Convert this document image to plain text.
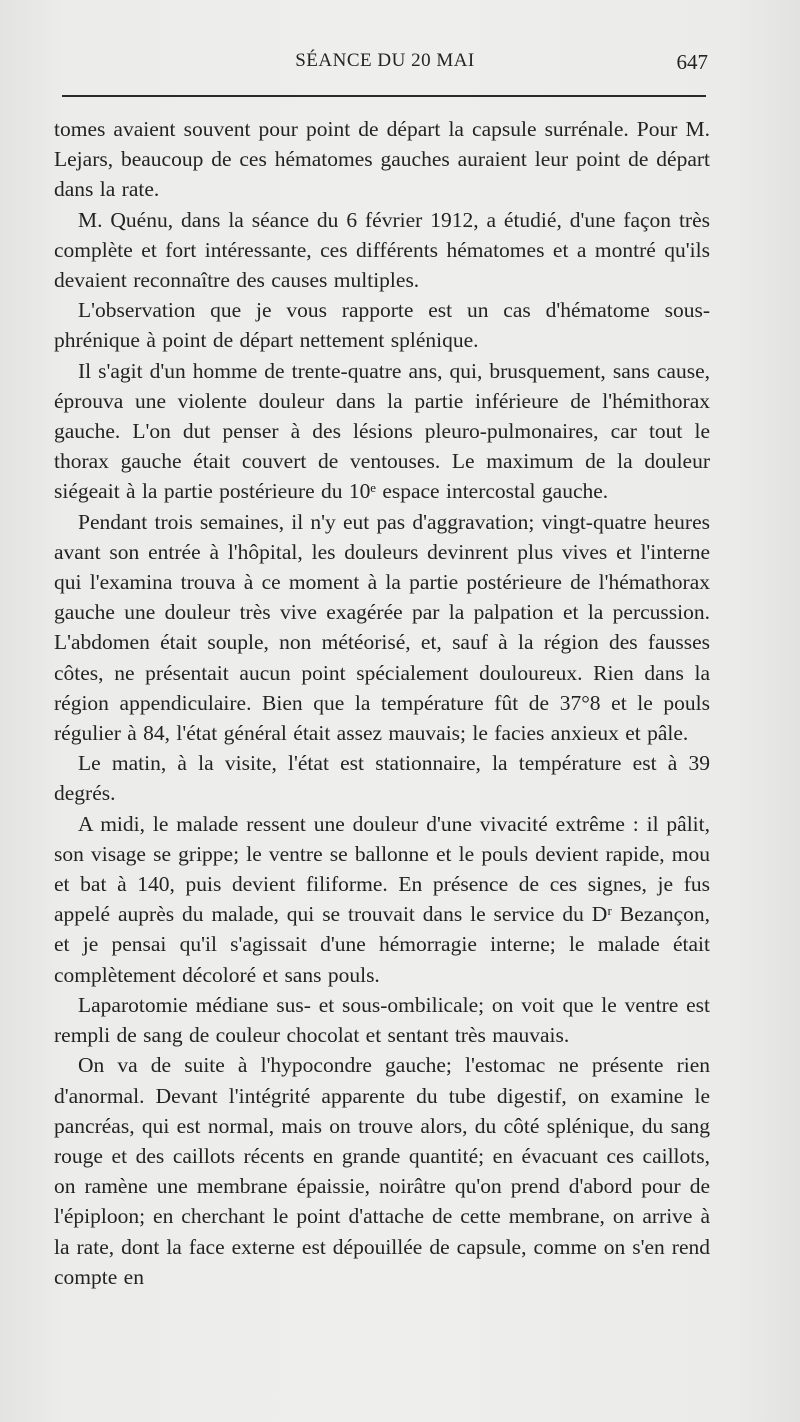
SÉANCE DU 20 MAI	647

tomes avaient souvent pour point de départ la capsule surrénale. Pour M. Lejars, beaucoup de ces hématomes gauches auraient leur point de départ dans la rate.

M. Quénu, dans la séance du 6 février 1912, a étudié, d'une façon très complète et fort intéressante, ces différents hématomes et a montré qu'ils devaient reconnaître des causes multiples.

L'observation que je vous rapporte est un cas d'hématome sous-phrénique à point de départ nettement splénique.

Il s'agit d'un homme de trente-quatre ans, qui, brusquement, sans cause, éprouva une violente douleur dans la partie inférieure de l'hémithorax gauche. L'on dut penser à des lésions pleuro-pulmonaires, car tout le thorax gauche était couvert de ventouses. Le maximum de la douleur siégeait à la partie postérieure du 10ᵉ espace intercostal gauche.

Pendant trois semaines, il n'y eut pas d'aggravation; vingt-quatre heures avant son entrée à l'hôpital, les douleurs devinrent plus vives et l'interne qui l'examina trouva à ce moment à la partie postérieure de l'hémathorax gauche une douleur très vive exagérée par la palpation et la percussion. L'abdomen était souple, non météorisé, et, sauf à la région des fausses côtes, ne présentait aucun point spécialement douloureux. Rien dans la région appendiculaire. Bien que la température fût de 37°8 et le pouls régulier à 84, l'état général était assez mauvais; le facies anxieux et pâle.

Le matin, à la visite, l'état est stationnaire, la température est à 39 degrés.

A midi, le malade ressent une douleur d'une vivacité extrême : il pâlit, son visage se grippe; le ventre se ballonne et le pouls devient rapide, mou et bat à 140, puis devient filiforme. En présence de ces signes, je fus appelé auprès du malade, qui se trouvait dans le service du Dʳ Bezançon, et je pensai qu'il s'agissait d'une hémorragie interne; le malade était complètement décoloré et sans pouls.

Laparotomie médiane sus- et sous-ombilicale; on voit que le ventre est rempli de sang de couleur chocolat et sentant très mauvais.

On va de suite à l'hypocondre gauche; l'estomac ne présente rien d'anormal. Devant l'intégrité apparente du tube digestif, on examine le pancréas, qui est normal, mais on trouve alors, du côté splénique, du sang rouge et des caillots récents en grande quantité; en évacuant ces caillots, on ramène une membrane épaissie, noirâtre qu'on prend d'abord pour de l'épiploon; en cherchant le point d'attache de cette membrane, on arrive à la rate, dont la face externe est dépouillée de capsule, comme on s'en rend compte en
